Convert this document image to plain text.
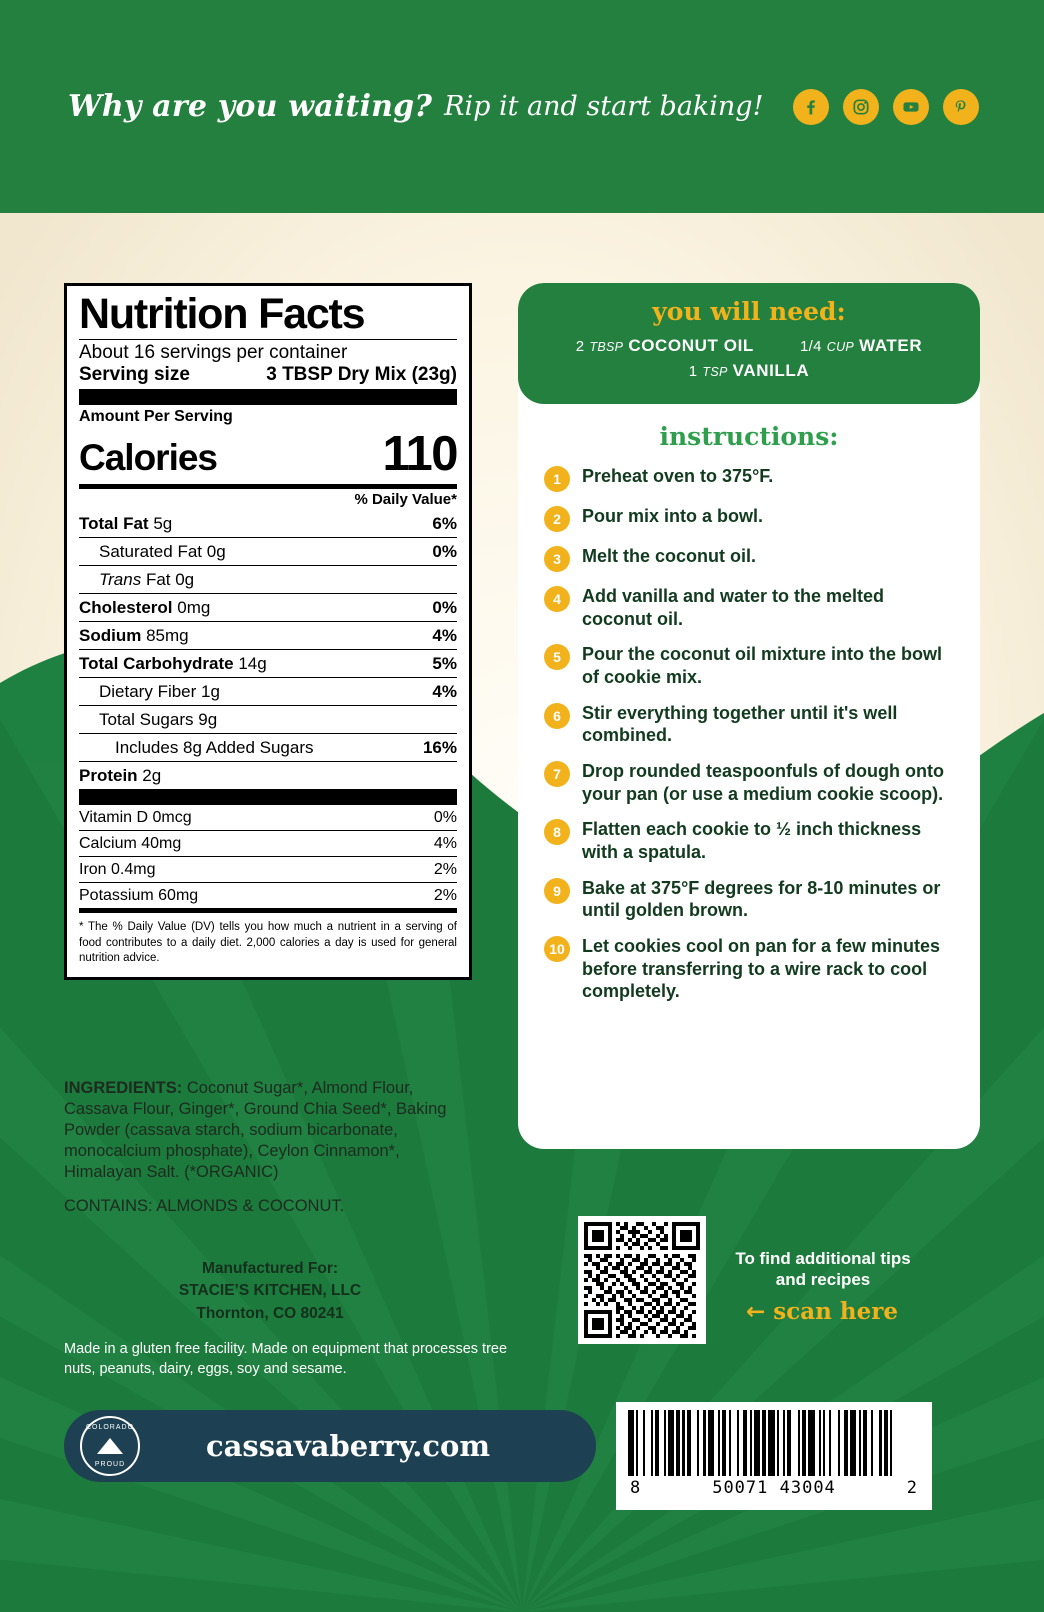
Why are you waiting? Rip it and start baking!
Nutrition Facts
About 16 servings per container
Serving size	3 TBSP Dry Mix (23g)
Amount Per Serving
Calories	110
% Daily Value*
Total Fat 5g	6%
Saturated Fat 0g	0%
Trans Fat 0g
Cholesterol 0mg	0%
Sodium 85mg	4%
Total Carbohydrate 14g	5%
Dietary Fiber 1g	4%
Total Sugars 9g
Includes 8g Added Sugars	16%
Protein 2g
Vitamin D 0mcg	0%
Calcium 40mg	4%
Iron 0.4mg	2%
Potassium 60mg	2%
* The % Daily Value (DV) tells you how much a nutrient in a serving of food contributes to a daily diet. 2,000 calories a day is used for general nutrition advice.
INGREDIENTS: Coconut Sugar*, Almond Flour, Cassava Flour, Ginger*, Ground Chia Seed*, Baking Powder (cassava starch, sodium bicarbonate, monocalcium phosphate), Ceylon Cinnamon*, Himalayan Salt. (*ORGANIC)
CONTAINS: ALMONDS & COCONUT.
Manufactured For:
STACIE’S KITCHEN, LLC
Thornton, CO 80241
Made in a gluten free facility. Made on equipment that processes tree nuts, peanuts, dairy, eggs, soy and sesame.
you will need:
2 TBSP COCONUT OIL	1/4 CUP WATER
1 TSP VANILLA
instructions:
1	Preheat oven to 375°F.
2	Pour mix into a bowl.
3	Melt the coconut oil.
4	Add vanilla and water to the melted coconut oil.
5	Pour the coconut oil mixture into the bowl of cookie mix.
6	Stir everything together until it's well combined.
7	Drop rounded teaspoonfuls of dough onto your pan (or use a medium cookie scoop).
8	Flatten each cookie to ½ inch thickness with a spatula.
9	Bake at 375°F degrees for 8-10 minutes or until golden brown.
10 Let cookies cool on pan for a few minutes before transferring to a wire rack to cool completely.
To find additional tips and recipes
← scan here
COLORADO
PROUD
cassavaberry.com
8	50071 43004	2
